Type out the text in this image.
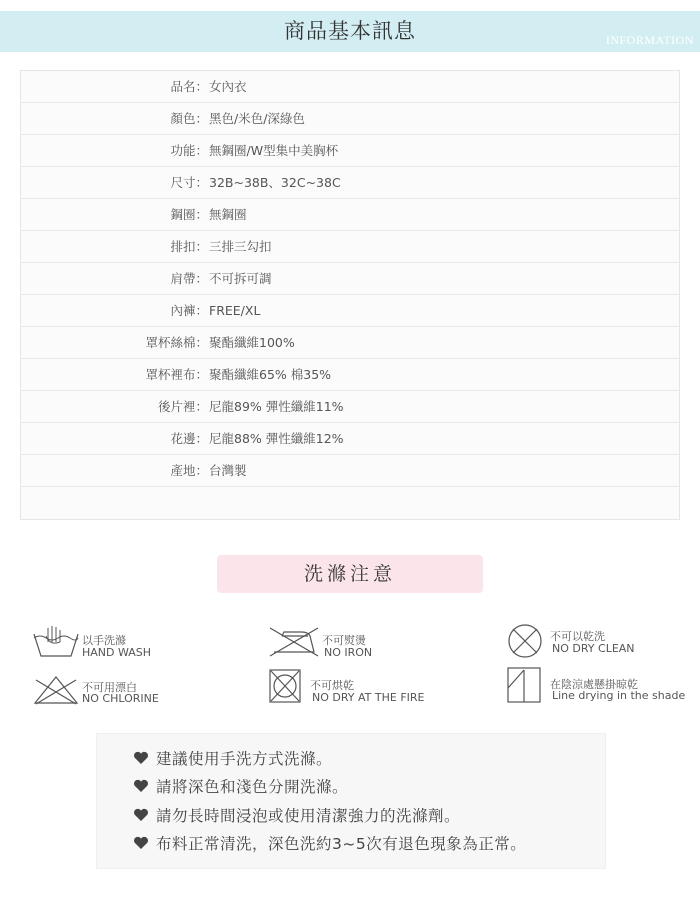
商品基本訊息	INFORMATION
品名： 女內衣
顏色： 黑色/米色/深綠色
功能： 無鋼圈/W型集中美胸杯
尺寸： 32B~38B、32C~38C
鋼圈： 無鋼圈
排扣： 三排三勾扣
肩帶： 不可拆可調
內褲： FREE/XL
罩杯絲棉： 聚酯纖維100%
罩杯裡布： 聚酯纖維65% 棉35%
後片裡： 尼龍89% 彈性纖維11%
花邊： 尼龍88% 彈性纖維12%
產地： 台灣製
洗滌注意
以手洗滌
HAND WASH
不可熨燙
NO IRON
不可以乾洗
NO DRY CLEAN
不可用漂白
NO CHLORINE
不可烘乾
NO DRY AT THE FIRE
在陰涼處懸掛晾乾
Line drying in the shade
建議使用手洗方式洗滌。
請將深色和淺色分開洗滌。
請勿長時間浸泡或使用清潔強力的洗滌劑。
布料正常清洗，深色洗約3~5次有退色現象為正常。
